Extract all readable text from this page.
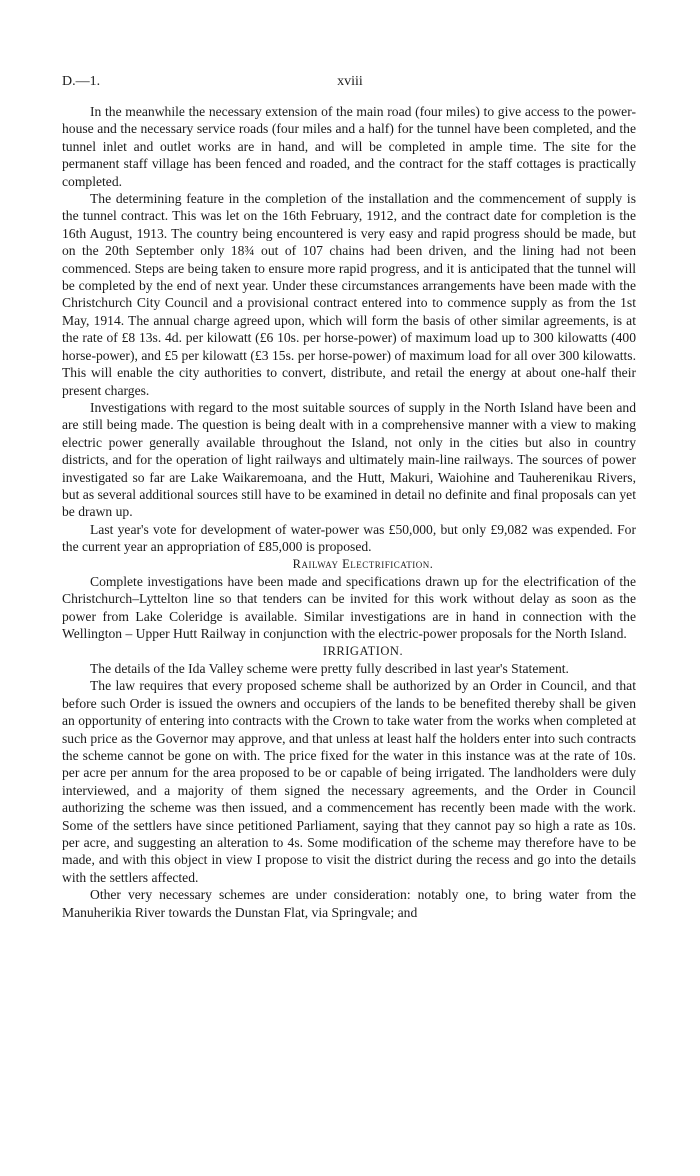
D.—1.	xviii

In the meanwhile the necessary extension of the main road (four miles) to give access to the power-house and the necessary service roads (four miles and a half) for the tunnel have been completed, and the tunnel inlet and outlet works are in hand, and will be completed in ample time. The site for the permanent staff village has been fenced and roaded, and the contract for the staff cottages is practically completed.

The determining feature in the completion of the installation and the commencement of supply is the tunnel contract. This was let on the 16th February, 1912, and the contract date for completion is the 16th August, 1913. The country being encountered is very easy and rapid progress should be made, but on the 20th September only 18¾ out of 107 chains had been driven, and the lining had not been commenced. Steps are being taken to ensure more rapid progress, and it is anticipated that the tunnel will be completed by the end of next year. Under these circumstances arrangements have been made with the Christchurch City Council and a provisional contract entered into to commence supply as from the 1st May, 1914. The annual charge agreed upon, which will form the basis of other similar agreements, is at the rate of £8 13s. 4d. per kilowatt (£6 10s. per horse-power) of maximum load up to 300 kilowatts (400 horse-power), and £5 per kilowatt (£3 15s. per horse-power) of maximum load for all over 300 kilowatts. This will enable the city authorities to convert, distribute, and retail the energy at about one-half their present charges.

Investigations with regard to the most suitable sources of supply in the North Island have been and are still being made. The question is being dealt with in a comprehensive manner with a view to making electric power generally available throughout the Island, not only in the cities but also in country districts, and for the operation of light railways and ultimately main-line railways. The sources of power investigated so far are Lake Waikaremoana, and the Hutt, Makuri, Waiohine and Tauherenikau Rivers, but as several additional sources still have to be examined in detail no definite and final proposals can yet be drawn up.

Last year's vote for development of water-power was £50,000, but only £9,082 was expended. For the current year an appropriation of £85,000 is proposed.

Railway Electrification.

Complete investigations have been made and specifications drawn up for the electrification of the Christchurch–Lyttelton line so that tenders can be invited for this work without delay as soon as the power from Lake Coleridge is available. Similar investigations are in hand in connection with the Wellington – Upper Hutt Railway in conjunction with the electric-power proposals for the North Island.

IRRIGATION.

The details of the Ida Valley scheme were pretty fully described in last year's Statement.

The law requires that every proposed scheme shall be authorized by an Order in Council, and that before such Order is issued the owners and occupiers of the lands to be benefited thereby shall be given an opportunity of entering into contracts with the Crown to take water from the works when completed at such price as the Governor may approve, and that unless at least half the holders enter into such contracts the scheme cannot be gone on with. The price fixed for the water in this instance was at the rate of 10s. per acre per annum for the area proposed to be or capable of being irrigated. The landholders were duly interviewed, and a majority of them signed the necessary agreements, and the Order in Council authorizing the scheme was then issued, and a commencement has recently been made with the work. Some of the settlers have since petitioned Parliament, saying that they cannot pay so high a rate as 10s. per acre, and suggesting an alteration to 4s. Some modification of the scheme may therefore have to be made, and with this object in view I propose to visit the district during the recess and go into the details with the settlers affected.

Other very necessary schemes are under consideration: notably one, to bring water from the Manuherikia River towards the Dunstan Flat, via Springvale; and
